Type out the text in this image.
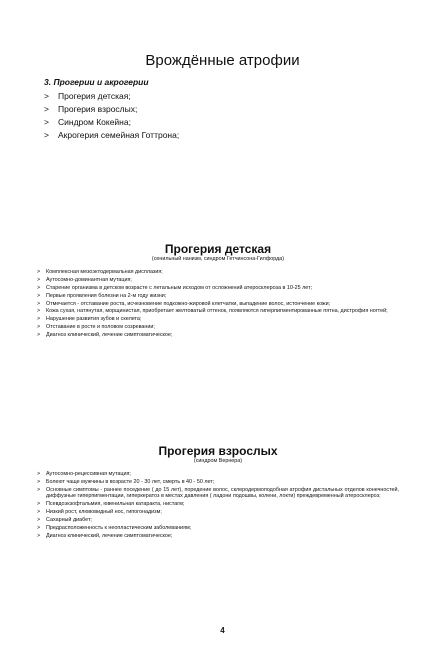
Врождённые атрофии

3. Прогерии и акрогерии

> Прогерия детская;
> Прогерия взрослых;
> Синдром Кокейна;
> Акрогерия семейная Готтрона;
Прогерия детская

(сенильный нанизм, синдром Гетчинсона-Гилфорда)

>	Комплексная мезоэктодермальная дисплазия;
>	Аутосомно-доминантная мутация;
>	Старение организма в детском возрасте с летальным исходом от осложнений атеросклероза в 10-25 лет;
>	Первые проявления болезни на 2-м году жизни;
>	Отмечается - отставание роста, исчезновение подкожно-жировой клетчатки, выпадение волос, истончение кожи;
>	Кожа сухая, натянутая, морщинистая, приобретает желтоватый оттенок, появляются гиперпигментированные пятна, дистрофия ногтей;
>	Нарушение развития зубов и скелета;
>	Отставание в росте и половом созревании;
>	Диагноз клинический, лечение симптоматическое;
Прогерия взрослых

(синдром Вернера)

>	Аутосомно-рецессивная мутация;
>	Болеют чаще мужчины в возрасте 20 - 30 лет, смерть в 40 - 50 лет;
>	Основные симптомы - раннее поседение ( до 15 лет), поредение волос, склеродермоподобная атрофия дистальных отделов конечностей, диффузные гиперпигментации, гиперкератоз в местах давления ( ладони подошвы, колени, локти) преждевременный атеросклероз;
>	Псевдоэкзофтальмия, ювенильная катаракта, нистагм;
>	Низкий рост, клювовидный нос, гипогонадизм;
>	Сахарный диабет;
>	Предрасположенность к неопластическим заболеваниям;
>	Диагноз клинический, лечение симптоматическое;

4
